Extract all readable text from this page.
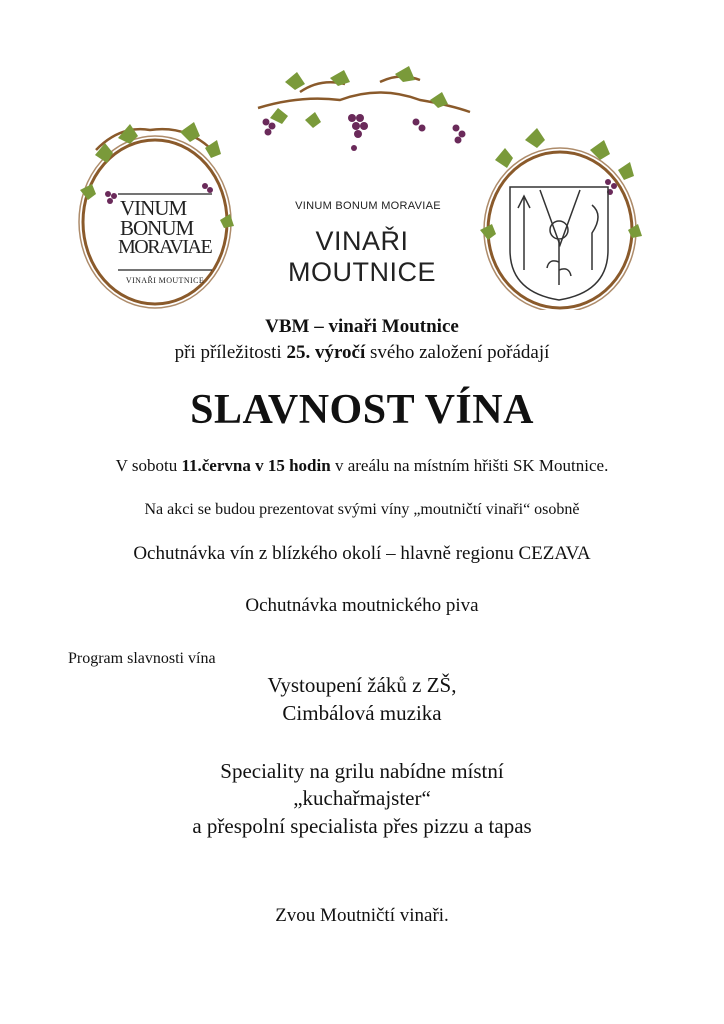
VINUM
BONUM
MORAVIAE
VINAŘI MOUTNICE
VINUM BONUM MORAVIAE
VINAŘI MOUTNICE
VBM – vinaři Moutnice
při příležitosti 25. výročí svého založení pořádají
SLAVNOST VÍNA
V sobotu 11.června v 15 hodin v areálu na místním hřišti SK Moutnice.
Na akci se budou prezentovat svými víny „moutničtí vinaři“ osobně
Ochutnávka vín z blízkého okolí – hlavně regionu CEZAVA
Ochutnávka moutnického piva
Program slavnosti vína
Vystoupení žáků z ZŠ,
Cimbálová muzika
Speciality na grilu nabídne místní
„kuchařmajster“
a přespolní specialista přes pizzu a tapas
Zvou Moutničtí vinaři.
